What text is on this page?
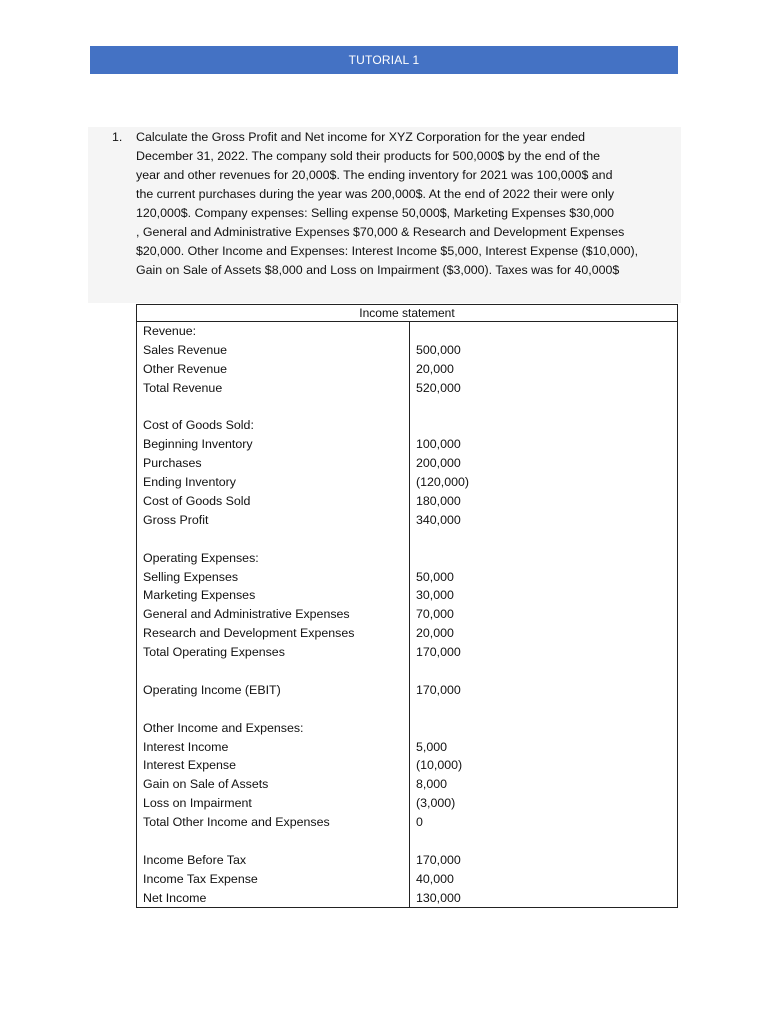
TUTORIAL 1
1. Calculate the Gross Profit and Net income for XYZ Corporation for the year ended
December 31, 2022. The company sold their products for 500,000$ by the end of the
year and other revenues for 20,000$. The ending inventory for 2021 was 100,000$ and
the current purchases during the year was 200,000$. At the end of 2022 their were only
120,000$. Company expenses: Selling expense 50,000$, Marketing Expenses $30,000
, General and Administrative Expenses $70,000 & Research and Development Expenses
$20,000. Other Income and Expenses: Interest Income $5,000, Interest Expense ($10,000),
Gain on Sale of Assets $8,000 and Loss on Impairment ($3,000). Taxes was for 40,000$
Income statement
Revenue:
Sales Revenue	500,000
Other Revenue	20,000
Total Revenue	520,000
Cost of Goods Sold:
Beginning Inventory	100,000
Purchases	200,000
Ending Inventory	(120,000)
Cost of Goods Sold	180,000
Gross Profit	340,000
Operating Expenses:
Selling Expenses	50,000
Marketing Expenses	30,000
General and Administrative Expenses	70,000
Research and Development Expenses	20,000
Total Operating Expenses	170,000
Operating Income (EBIT)	170,000
Other Income and Expenses:
Interest Income	5,000
Interest Expense	(10,000)
Gain on Sale of Assets	8,000
Loss on Impairment	(3,000)
Total Other Income and Expenses	0
Income Before Tax	170,000
Income Tax Expense	40,000
Net Income	130,000
